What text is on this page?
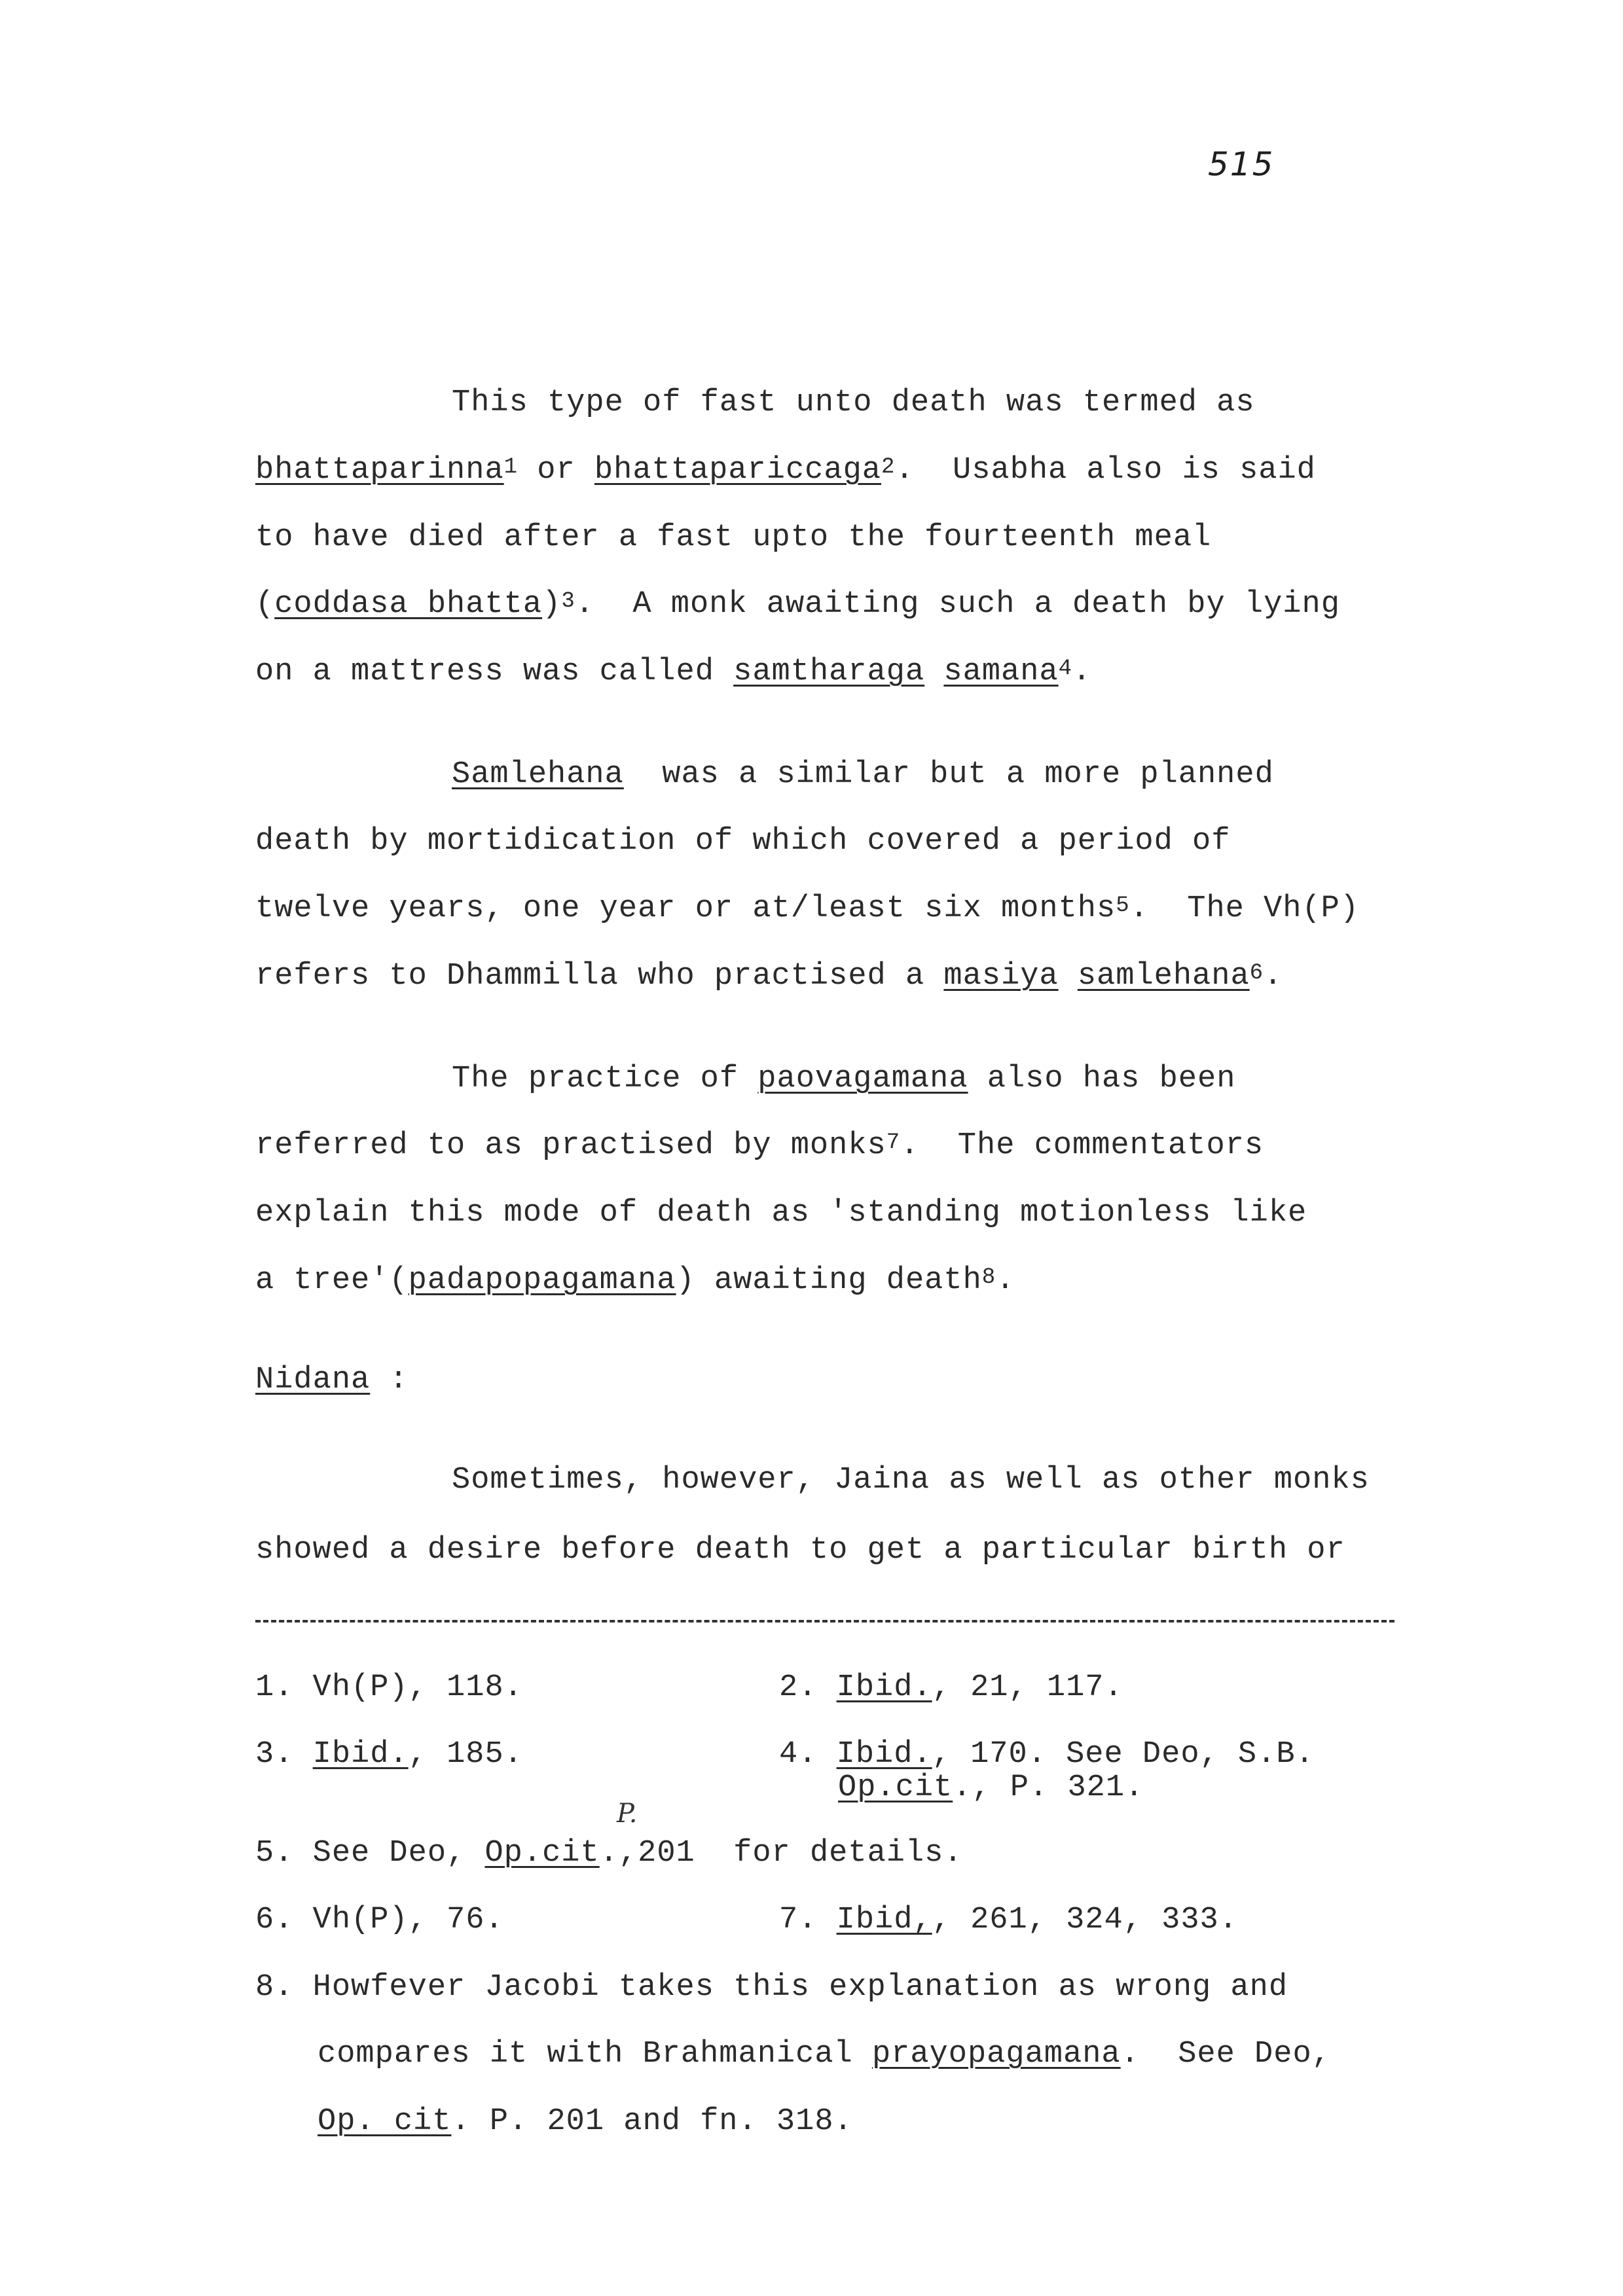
515
This type of fast unto death was termed as
bhattaparinna$^1$ or bhattapariccaga$^2$.  Usabha also is said
to have died after a fast upto the fourteenth meal
(coddasa bhatta)$^3$.  A monk awaiting such a death by lying
on a mattress was called samtharaga samana$^4$.
Samlehana  was a similar but a more planned
death by mortidication of which covered a period of
twelve years, one year or at/least six months$^5$.  The Vh(P)
refers to Dhammilla who practised a masiya samlehana$^6$.
The practice of paovagamana also has been
referred to as practised by monks$^7$.  The commentators
explain this mode of death as 'standing motionless like
a tree'(padapopagamana) awaiting death$^8$.
Nidana :
Sometimes, however, Jaina as well as other monks
showed a desire before death to get a particular birth or
1. Vh(P), 118.	2. Ibid., 21, 117.
3. Ibid., 185.	4. Ibid., 170. See Deo, S.B.
Op.cit., P. 321.
P.
5. See Deo, Op.cit.,201  for details.
6. Vh(P), 76.	7. Ibid,, 261, 324, 333.
8. Howfever Jacobi takes this explanation as wrong and
compares it with Brahmanical prayopagamana.  See Deo,
Op. cit. P. 201 and fn. 318.
